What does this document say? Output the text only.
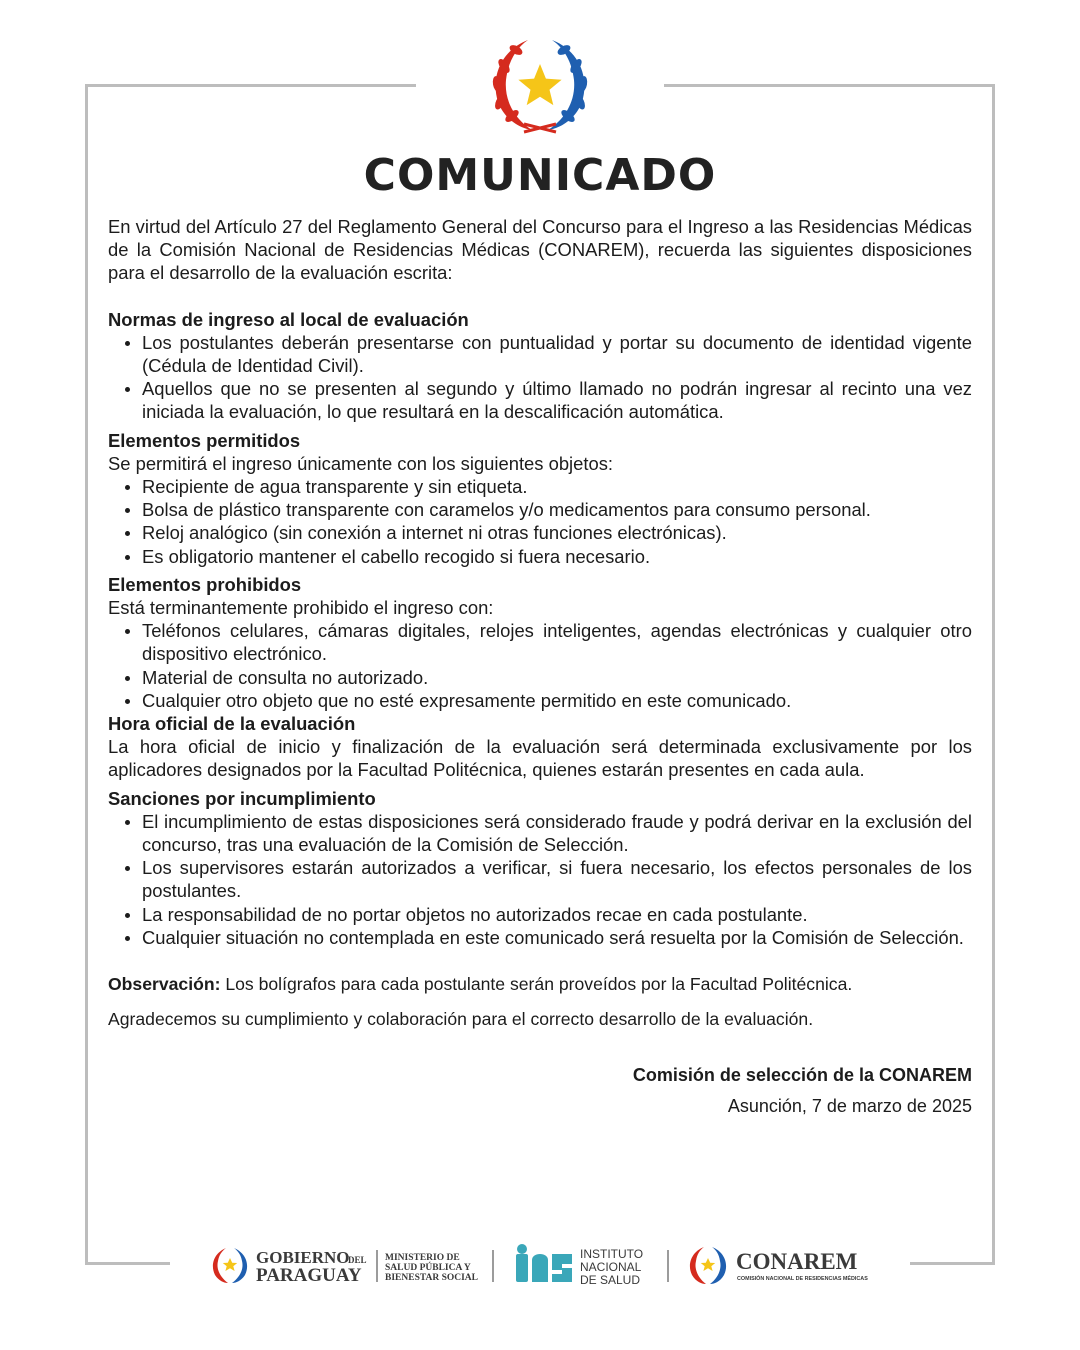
COMUNICADO

En virtud del Artículo 27 del Reglamento General del Concurso para el Ingreso a las Residencias Médicas de la Comisión Nacional de Residencias Médicas (CONAREM), recuerda las siguientes disposiciones para el desarrollo de la evaluación escrita:

Normas de ingreso al local de evaluación

Los postulantes deberán presentarse con puntualidad y portar su documento de identidad vigente (Cédula de Identidad Civil).
Aquellos que no se presenten al segundo y último llamado no podrán ingresar al recinto una vez iniciada la evaluación, lo que resultará en la descalificación automática.

Elementos permitidos

Se permitirá el ingreso únicamente con los siguientes objetos:

Recipiente de agua transparente y sin etiqueta.
Bolsa de plástico transparente con caramelos y/o medicamentos para consumo personal.
Reloj analógico (sin conexión a internet ni otras funciones electrónicas).
Es obligatorio mantener el cabello recogido si fuera necesario.

Elementos prohibidos

Está terminantemente prohibido el ingreso con:

Teléfonos celulares, cámaras digitales, relojes inteligentes, agendas electrónicas y cualquier otro dispositivo electrónico.
Material de consulta no autorizado.
Cualquier otro objeto que no esté expresamente permitido en este comunicado.

Hora oficial de la evaluación

La hora oficial de inicio y finalización de la evaluación será determinada exclusivamente por los aplicadores designados por la Facultad Politécnica, quienes estarán presentes en cada aula.

Sanciones por incumplimiento

El incumplimiento de estas disposiciones será considerado fraude y podrá derivar en la exclusión del concurso, tras una evaluación de la Comisión de Selección.
Los supervisores estarán autorizados a verificar, si fuera necesario, los efectos personales de los postulantes.
La responsabilidad de no portar objetos no autorizados recae en cada postulante.
Cualquier situación no contemplada en este comunicado será resuelta por la Comisión de Selección.

Observación: Los bolígrafos para cada postulante serán proveídos por la Facultad Politécnica.

Agradecemos su cumplimiento y colaboración para el correcto desarrollo de la evaluación.

Comisión de selección de la CONAREM

Asunción, 7 de marzo de 2025

GOBIERNO
DEL
PARAGUAY
MINISTERIO DE
SALUD PÚBLICA Y
BIENESTAR SOCIAL
INSTITUTO
NACIONAL
DE SALUD
CONAREM
COMISIÓN NACIONAL DE RESIDENCIAS MÉDICAS
